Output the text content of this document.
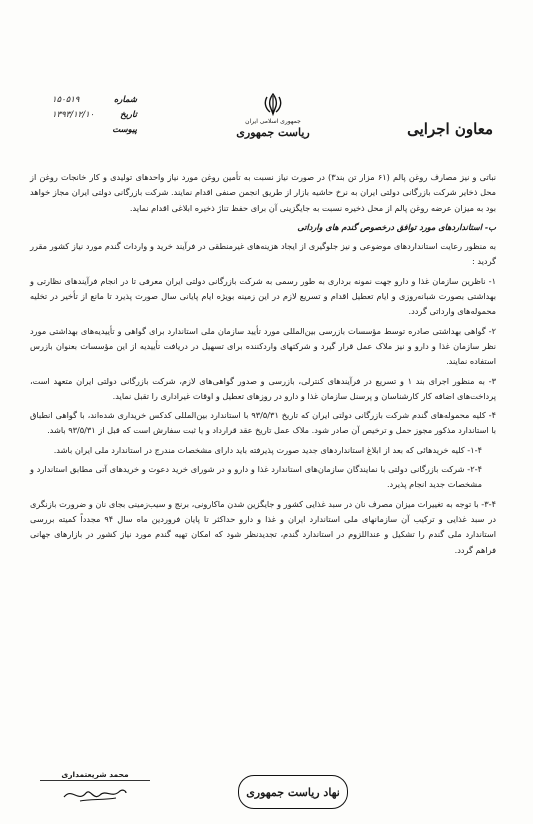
معاون اجرایی
جمهوری اسلامی ایران
ریاست جمهوری
شماره
۱۵۰۵۱۹
تاریخ
۱۳۹۳/۱۲/۱۰
پیوست

نباتی و نیز مصارف روغن پالم (۶۱ مزار تن بند۳) در صورت نیاز نسبت به تأمین روغن مورد نیاز واحدهای تولیدی و کار خانجات روغن از محل ذخایر شرکت بازرگانی دولتی ایران به نرخ حاشیه بازار از طریق انجمن صنفی اقدام نمایند. شرکت بازرگانی دولتی ایران مجاز خواهد بود به میزان عرضه روغن پالم از محل ذخیره نسبت به جایگزینی آن برای حفظ تناژ ذخیره ابلاغی اقدام نماید.

ب- استانداردهای مورد توافق درخصوص گندم های وارداتی

به منظور رعایت استانداردهای موضوعی و نیز جلوگیری از ایجاد هزینه‌های غیرمنطقی در فرآیند خرید و واردات گندم مورد نیاز کشور مقرر گردید :

۱- ناظرین سازمان غذا و دارو جهت نمونه برداری به طور رسمی به شرکت بازرگانی دولتی ایران معرفی تا در انجام فرآیندهای نظارتی و بهداشتی بصورت شبانه‌روزی و ایام تعطیل اقدام و تسریع لازم در این زمینه بویژه ایام پایانی سال صورت پذیرد تا مانع از تأخیر در تخلیه محموله‌های وارداتی گردد.

۲- گواهی بهداشتی صادره توسط مؤسسات بازرسی بین‌المللی مورد تأیید سازمان ملی استاندارد برای گواهی و تأییدیه‌های بهداشتی مورد نظر سازمان غذا و دارو و نیز ملاک عمل قرار گیرد و شرکتهای واردکننده برای تسهیل در دریافت تأییدیه از این مؤسسات بعنوان بازرس استفاده نمایند.

۳- به منظور اجرای بند ۱ و تسریع در فرآیندهای کنترلی، بازرسی و صدور گواهی‌های لازم، شرکت بازرگانی دولتی ایران متعهد است، پرداخت‌های اضافه کار کارشناسان و پرسنل سازمان غذا و دارو در روزهای تعطیل و اوقات غیراداری را تقبل نماید.

۴- کلیه محموله‌های گندم شرکت بازرگانی دولتی ایران که تاریخ ۹۳/۵/۳۱ با استاندارد بین‌المللی کدکس خریداری شده‌اند، با گواهی انطباق با استاندارد مذکور مجوز حمل و ترخیص آن صادر شود. ملاک عمل تاریخ عقد قرارداد و یا ثبت سفارش است که قبل از ۹۳/۵/۳۱ باشد.

۱-۴- کلیه خریدهائی که بعد از ابلاغ استانداردهای جدید صورت پذیرفته باید دارای مشخصات مندرج در استاندارد ملی ایران باشد.

۲-۴- شرکت بازرگانی دولتی با نمایندگان سازمان‌های استاندارد غذا و دارو و در شورای خرید دعوت و خریدهای آتی مطابق استاندارد و مشخصات جدید انجام پذیرد.

۳-۴- با توجه به تغییرات میزان مصرف نان در سبد غذایی کشور و جایگزین شدن ماکارونی، برنج و سیب‌زمینی بجای نان و ضرورت بازنگری در سبد غذایی و ترکیب آن سازمانهای ملی استاندارد ایران و غذا و دارو حداکثر تا پایان فروردین ماه سال ۹۴ مجدداً کمیته بررسی استاندارد ملی گندم را تشکیل و عنداللزوم در استاندارد گندم، تجدیدنظر شود که امکان تهیه گندم مورد نیاز کشور در بازارهای جهانی فراهم گردد.

محمد شریعتمداری
نهاد ریاست جمهوری
